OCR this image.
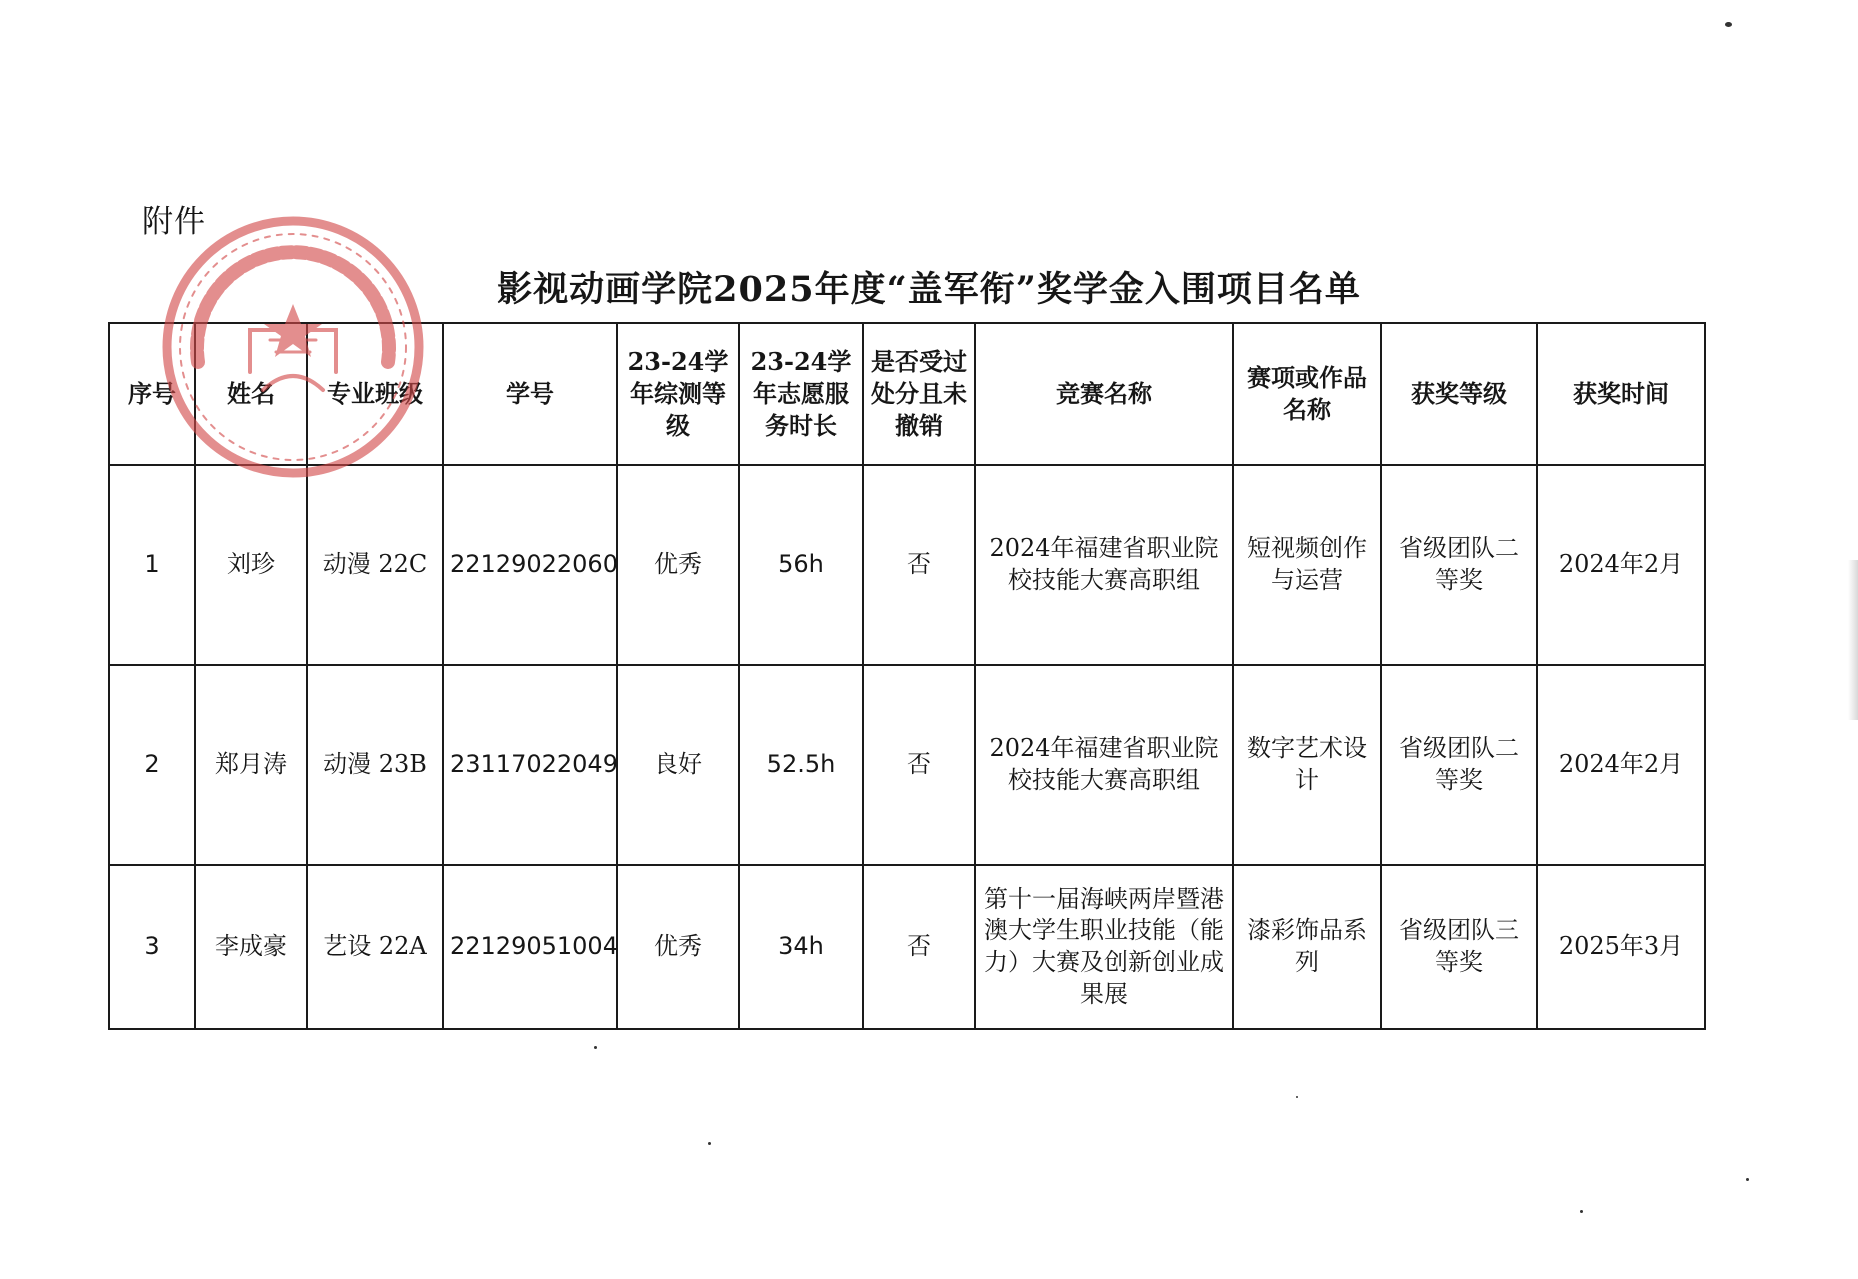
附件
影视动画学院2025年度“盖军衔”奖学金入围项目名单
序号	姓名	专业班级	学号	23-24学年综测等级	23-24学年志愿服务时长	是否受过处分且未撤销	竞赛名称	赛项或作品名称	获奖等级	获奖时间
1	刘珍	动漫 22C	22129022060	优秀	56h	否	2024年福建省职业院校技能大赛高职组	短视频创作与运营	省级团队二等奖	2024年2月
2	郑月涛	动漫 23B	23117022049	良好	52.5h	否	2024年福建省职业院校技能大赛高职组	数字艺术设计	省级团队二等奖	2024年2月
3	李成豪	艺设 22A	22129051004	优秀	34h	否	第十一届海峡两岸暨港澳大学生职业技能（能力）大赛及创新创业成果展	漆彩饰品系列	省级团队三等奖	2025年3月
